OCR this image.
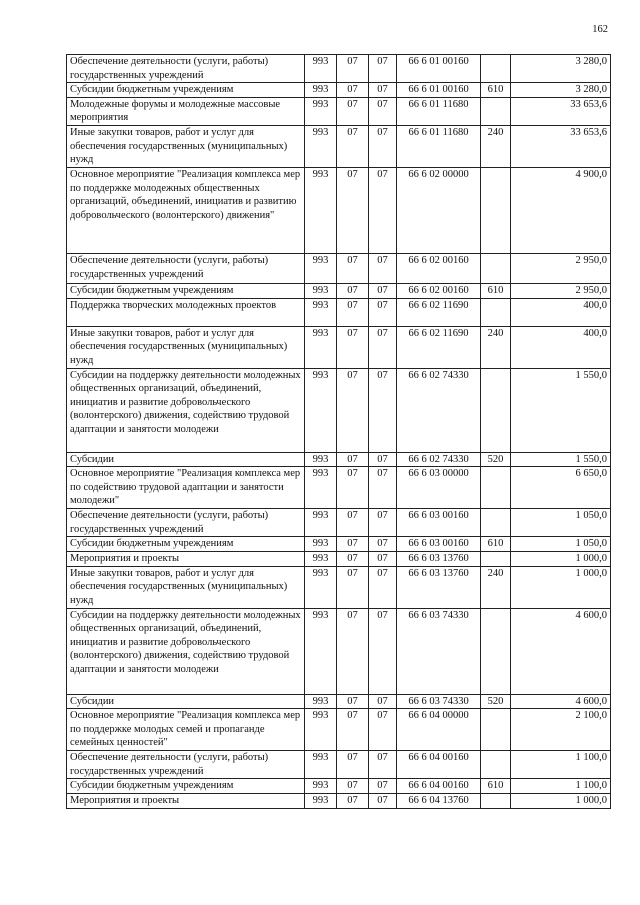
162
Обеспечение деятельности (услуги, работы) государственных учреждений	993	07	07	66 6 01 00160		3 280,0
Субсидии бюджетным учреждениям	993	07	07	66 6 01 00160	610	3 280,0
Молодежные форумы и молодежные массовые мероприятия	993	07	07	66 6 01 11680		33 653,6
Иные закупки товаров, работ и услуг для обеспечения государственных (муниципальных) нужд	993	07	07	66 6 01 11680	240	33 653,6
Основное мероприятие "Реализация комплекса мер по поддержке молодежных общественных организаций, объединений, инициатив и развитию добровольческого (волонтерского) движения"	993	07	07	66 6 02 00000		4 900,0
Обеспечение деятельности (услуги, работы) государственных учреждений	993	07	07	66 6 02 00160		2 950,0
Субсидии бюджетным учреждениям	993	07	07	66 6 02 00160	610	2 950,0
Поддержка творческих молодежных проектов	993	07	07	66 6 02 11690		400,0
Иные закупки товаров, работ и услуг для обеспечения государственных (муниципальных) нужд	993	07	07	66 6 02 11690	240	400,0
Субсидии на поддержку деятельности молодежных общественных организаций, объединений, инициатив и развитие добровольческого (волонтерского) движения, содействию трудовой адаптации и занятости молодежи	993	07	07	66 6 02 74330		1 550,0
Субсидии	993	07	07	66 6 02 74330	520	1 550,0
Основное мероприятие "Реализация комплекса мер по содействию трудовой адаптации и занятости молодежи"	993	07	07	66 6 03 00000		6 650,0
Обеспечение деятельности (услуги, работы) государственных учреждений	993	07	07	66 6 03 00160		1 050,0
Субсидии бюджетным учреждениям	993	07	07	66 6 03 00160	610	1 050,0
Мероприятия и проекты	993	07	07	66 6 03 13760		1 000,0
Иные закупки товаров, работ и услуг для обеспечения государственных (муниципальных) нужд	993	07	07	66 6 03 13760	240	1 000,0
Субсидии на поддержку деятельности молодежных общественных организаций, объединений, инициатив и развитие добровольческого (волонтерского) движения, содействию трудовой адаптации и занятости молодежи	993	07	07	66 6 03 74330		4 600,0
Субсидии	993	07	07	66 6 03 74330	520	4 600,0
Основное мероприятие "Реализация комплекса мер по поддержке молодых семей и пропаганде семейных ценностей"	993	07	07	66 6 04 00000		2 100,0
Обеспечение деятельности (услуги, работы) государственных учреждений	993	07	07	66 6 04 00160		1 100,0
Субсидии бюджетным учреждениям	993	07	07	66 6 04 00160	610	1 100,0
Мероприятия и проекты	993	07	07	66 6 04 13760		1 000,0
